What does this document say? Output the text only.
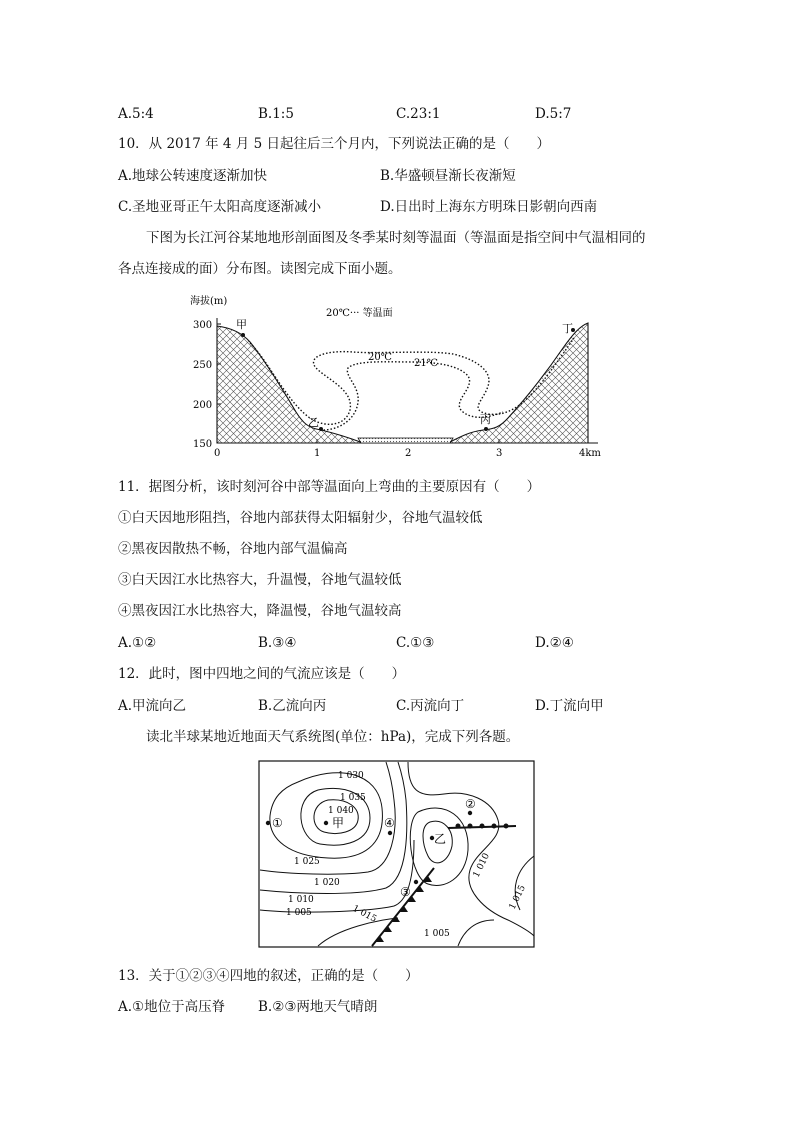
A.5:4	B.1:5	C.23:1	D.5:7
10．从 2017 年 4 月 5 日起往后三个月内，下列说法正确的是（　　）
A.地球公转速度逐渐加快	B.华盛顿昼渐长夜渐短
C.圣地亚哥正午太阳高度逐渐减小	D.日出时上海东方明珠日影朝向西南
下图为长江河谷某地地形剖面图及冬季某时刻等温面（等温面是指空间中气温相同的
各点连接成的面）分布图。读图完成下面小题。
海拔(m)
300
250
200
150
0	1	2	3	4km
20℃··· 等温面
甲
乙	丙
丁
20℃
21℃
11．据图分析，该时刻河谷中部等温面向上弯曲的主要原因有（　　）
①白天因地形阻挡，谷地内部获得太阳辐射少，谷地气温较低
②黑夜因散热不畅，谷地内部气温偏高
③白天因江水比热容大，升温慢，谷地气温较低
④黑夜因江水比热容大，降温慢，谷地气温较高
A.①②	B.③④	C.①③	D.②④
12．此时，图中四地之间的气流应该是（　　）
A.甲流向乙	B.乙流向丙	C.丙流向丁	D.丁流向甲
读北半球某地近地面天气系统图(单位：hPa)，完成下列各题。
1 030
1 035
1 040
1 025
1 020
1 010
1 005	1 015
1 010
1 015
1 005
甲
乙
①
②
③
④
13．关于①②③④四地的叙述，正确的是（　　）
A.①地位于高压脊 B.②③两地天气晴朗
